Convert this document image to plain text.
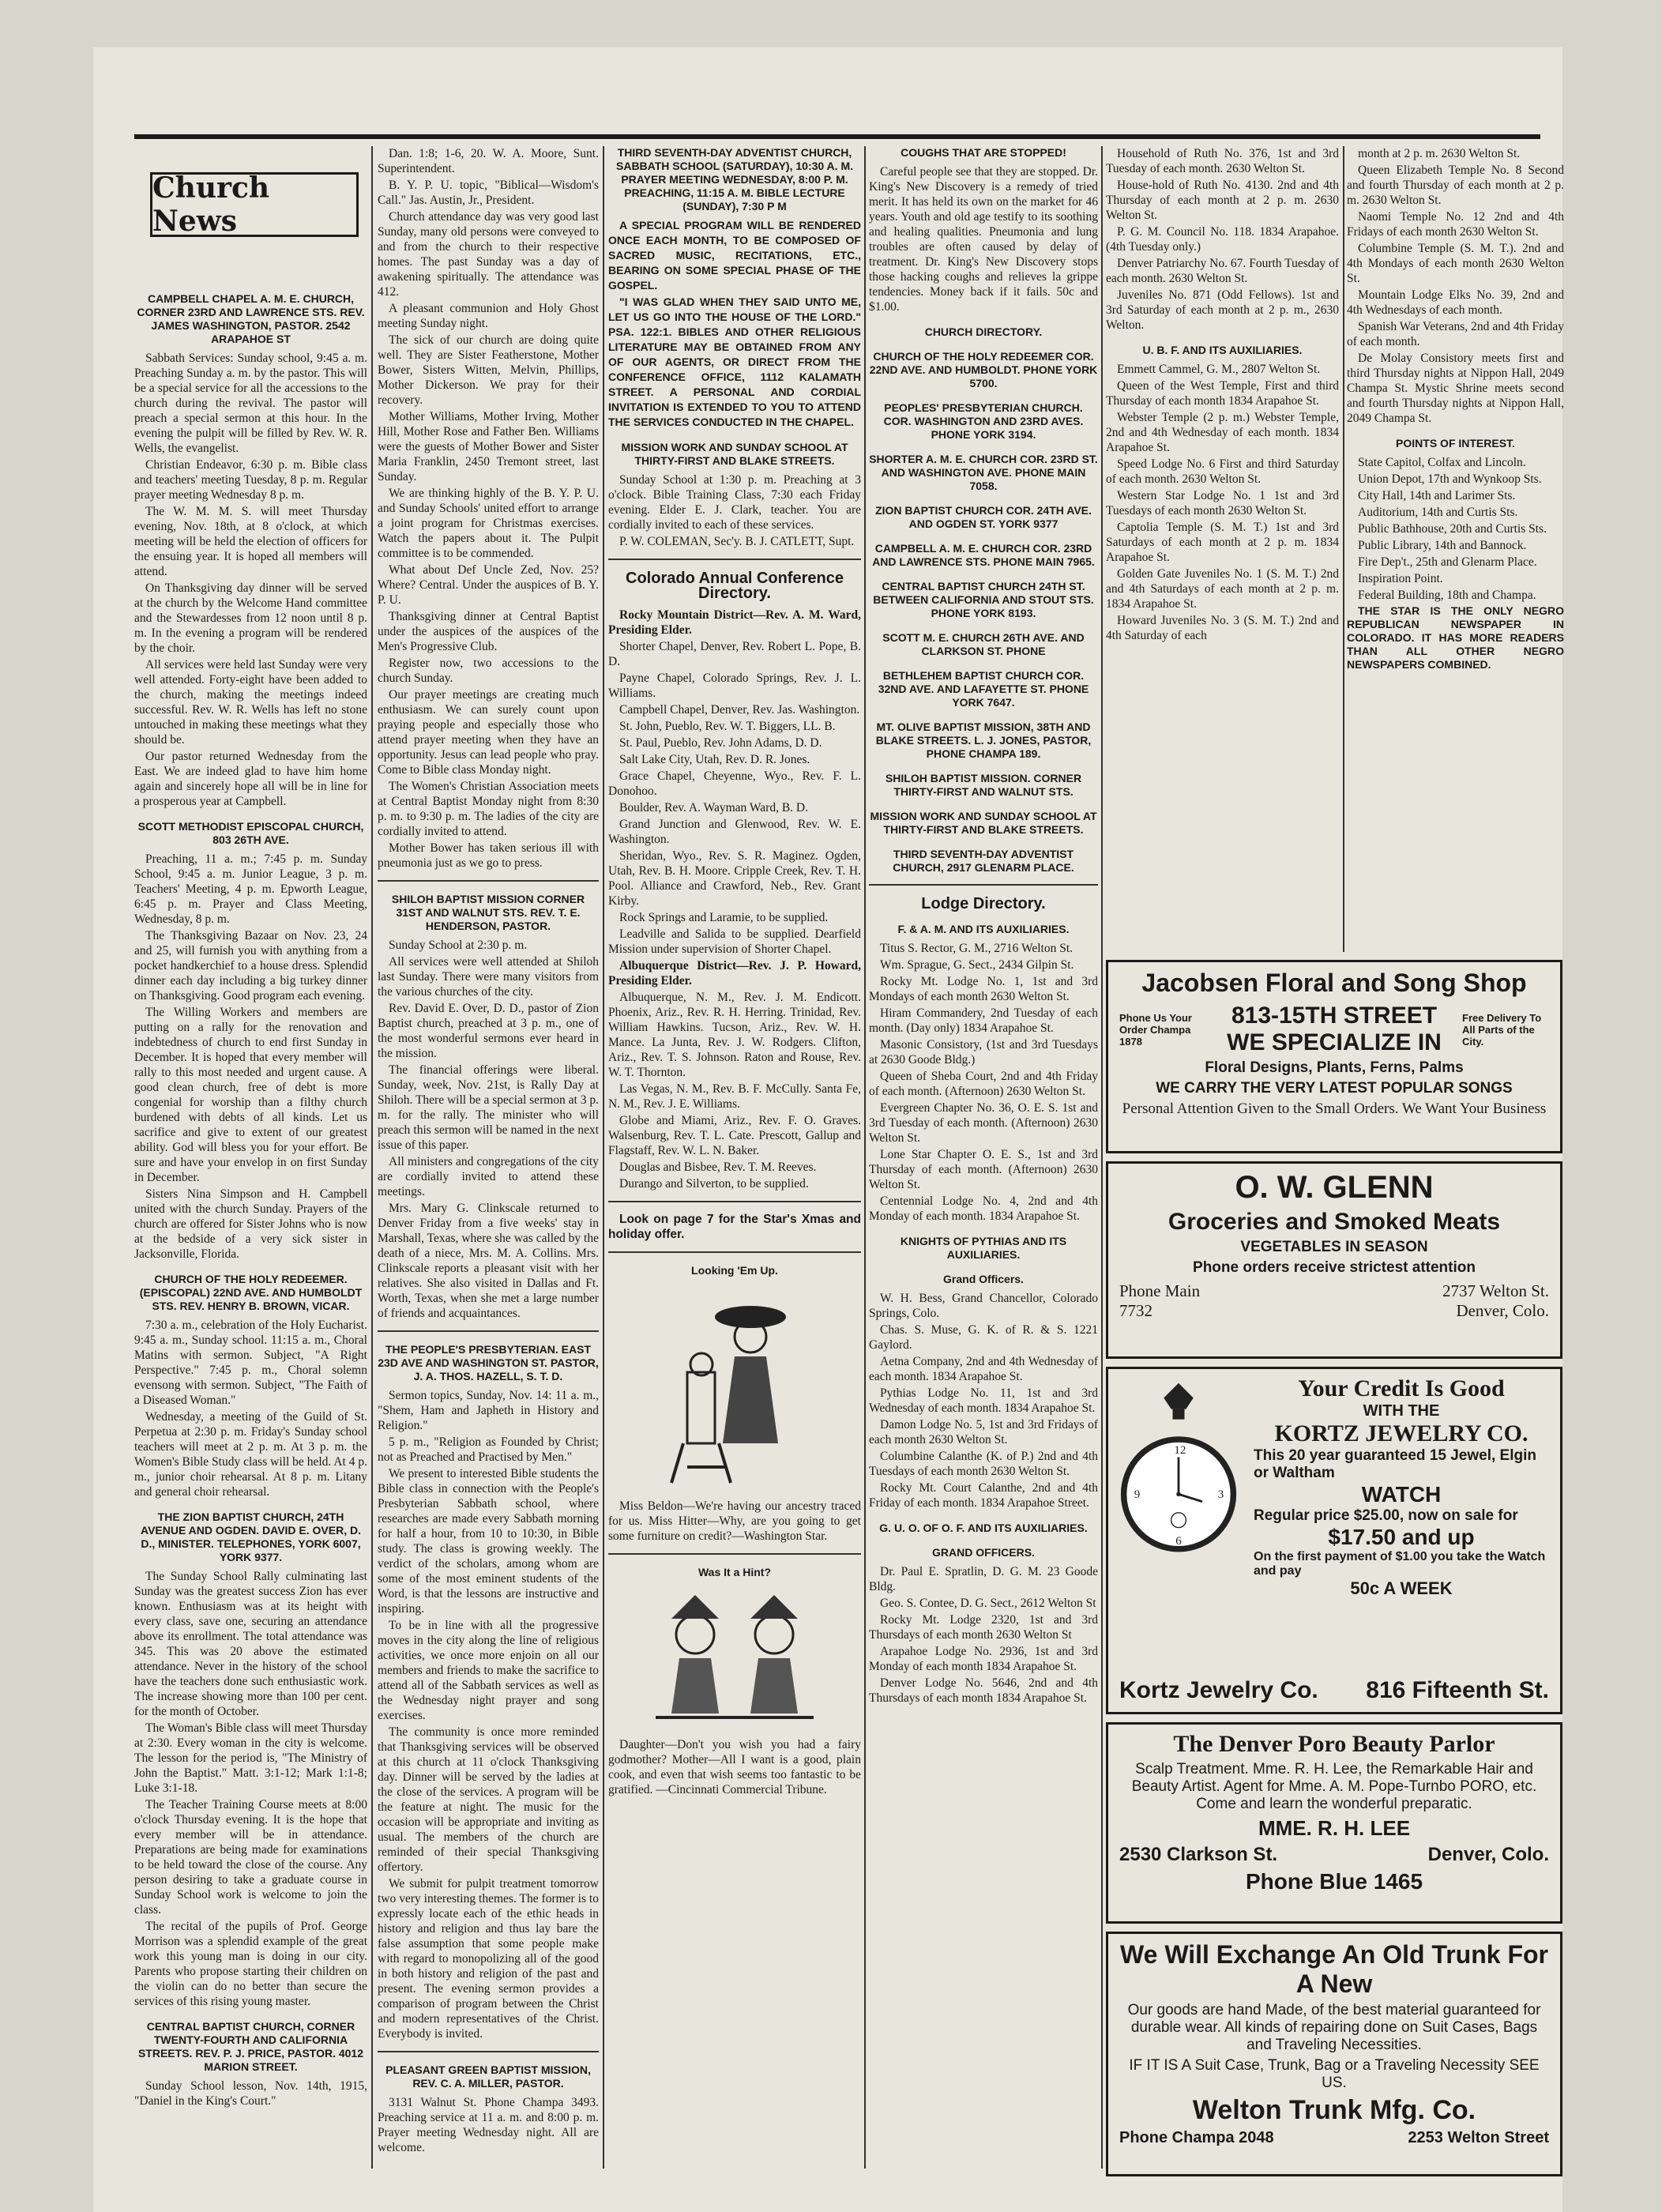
Church News
CAMPBELL CHAPEL A. M. E. CHURCH, CORNER 23RD AND LAWRENCE STS. REV. JAMES WASHINGTON, PASTOR. 2542 ARAPAHOE ST

Sabbath Services: Sunday school, 9:45 a. m. Preaching Sunday a. m. by the pastor. This will be a special service for all the accessions to the church during the revival. The pastor will preach a special sermon at this hour. In the evening the pulpit will be filled by Rev. W. R. Wells, the evangelist.

Christian Endeavor, 6:30 p. m. Bible class and teachers' meeting Tuesday, 8 p. m. Regular prayer meeting Wednesday 8 p. m.

The W. M. M. S. will meet Thursday evening, Nov. 18th, at 8 o'clock, at which meeting will be held the election of officers for the ensuing year. It is hoped all members will attend.

On Thanksgiving day dinner will be served at the church by the Welcome Hand committee and the Stewardesses from 12 noon until 8 p. m. In the evening a program will be rendered by the choir.

All services were held last Sunday were very well attended. Forty-eight have been added to the church, making the meetings indeed successful. Rev. W. R. Wells has left no stone untouched in making these meetings what they should be.

Our pastor returned Wednesday from the East. We are indeed glad to have him home again and sincerely hope all will be in line for a prosperous year at Campbell.

SCOTT METHODIST EPISCOPAL CHURCH, 803 26TH AVE.

Preaching, 11 a. m.; 7:45 p. m. Sunday School, 9:45 a. m. Junior League, 3 p. m. Teachers' Meeting, 4 p. m. Epworth League, 6:45 p. m. Prayer and Class Meeting, Wednesday, 8 p. m.

The Thanksgiving Bazaar on Nov. 23, 24 and 25, will furnish you with anything from a pocket handkerchief to a house dress. Splendid dinner each day including a big turkey dinner on Thanksgiving. Good program each evening.

The Willing Workers and members are putting on a rally for the renovation and indebtedness of church to end first Sunday in December. It is hoped that every member will rally to this most needed and urgent cause. A good clean church, free of debt is more congenial for worship than a filthy church burdened with debts of all kinds. Let us sacrifice and give to extent of our greatest ability. God will bless you for your effort. Be sure and have your envelop in on first Sunday in December.

Sisters Nina Simpson and H. Campbell united with the church Sunday. Prayers of the church are offered for Sister Johns who is now at the bedside of a very sick sister in Jacksonville, Florida.

CHURCH OF THE HOLY REDEEMER. (EPISCOPAL) 22ND AVE. AND HUMBOLDT STS. REV. HENRY B. BROWN, VICAR.

7:30 a. m., celebration of the Holy Eucharist. 9:45 a. m., Sunday school. 11:15 a. m., Choral Matins with sermon. Subject, "A Right Perspective." 7:45 p. m., Choral solemn evensong with sermon. Subject, "The Faith of a Diseased Woman."

Wednesday, a meeting of the Guild of St. Perpetua at 2:30 p. m. Friday's Sunday school teachers will meet at 2 p. m. At 3 p. m. the Women's Bible Study class will be held. At 4 p. m., junior choir rehearsal. At 8 p. m. Litany and general choir rehearsal.

THE ZION BAPTIST CHURCH, 24TH AVENUE AND OGDEN. DAVID E. OVER, D. D., MINISTER. TELEPHONES, YORK 6007, YORK 9377.

The Sunday School Rally culminating last Sunday was the greatest success Zion has ever known. Enthusiasm was at its height with every class, save one, securing an attendance above its enrollment. The total attendance was 345. This was 20 above the estimated attendance. Never in the history of the school have the teachers done such enthusiastic work. The increase showing more than 100 per cent. for the month of October.

The Woman's Bible class will meet Thursday at 2:30. Every woman in the city is welcome. The lesson for the period is, "The Ministry of John the Baptist." Matt. 3:1-12; Mark 1:1-8; Luke 3:1-18.

The Teacher Training Course meets at 8:00 o'clock Thursday evening. It is the hope that every member will be in attendance. Preparations are being made for examinations to be held toward the close of the course. Any person desiring to take a graduate course in Sunday School work is welcome to join the class.

The recital of the pupils of Prof. George Morrison was a splendid example of the great work this young man is doing in our city. Parents who propose starting their children on the violin can do no better than secure the services of this rising young master.

CENTRAL BAPTIST CHURCH, CORNER TWENTY-FOURTH AND CALIFORNIA STREETS. REV. P. J. PRICE, PASTOR. 4012 MARION STREET.

Sunday School lesson, Nov. 14th, 1915, "Daniel in the King's Court."

Dan. 1:8; 1-6, 20. W. A. Moore, Sunt. Superintendent.

B. Y. P. U. topic, "Biblical—Wisdom's Call." Jas. Austin, Jr., President.

Church attendance day was very good last Sunday, many old persons were conveyed to and from the church to their respective homes. The past Sunday was a day of awakening spiritually. The attendance was 412.

A pleasant communion and Holy Ghost meeting Sunday night.

The sick of our church are doing quite well. They are Sister Featherstone, Mother Bower, Sisters Witten, Melvin, Phillips, Mother Dickerson. We pray for their recovery.

Mother Williams, Mother Irving, Mother Hill, Mother Rose and Father Ben. Williams were the guests of Mother Bower and Sister Maria Franklin, 2450 Tremont street, last Sunday.

We are thinking highly of the B. Y. P. U. and Sunday Schools' united effort to arrange a joint program for Christmas exercises. Watch the papers about it. The Pulpit committee is to be commended.

What about Def Uncle Zed, Nov. 25? Where? Central. Under the auspices of B. Y. P. U.

Thanksgiving dinner at Central Baptist under the auspices of the auspices of the Men's Progressive Club.

Register now, two accessions to the church Sunday.

Our prayer meetings are creating much enthusiasm. We can surely count upon praying people and especially those who attend prayer meeting when they have an opportunity. Jesus can lead people who pray. Come to Bible class Monday night.

The Women's Christian Association meets at Central Baptist Monday night from 8:30 p. m. to 9:30 p. m. The ladies of the city are cordially invited to attend.

Mother Bower has taken serious ill with pneumonia just as we go to press.

SHILOH BAPTIST MISSION CORNER 31ST AND WALNUT STS. REV. T. E. HENDERSON, PASTOR.

Sunday School at 2:30 p. m.

All services were well attended at Shiloh last Sunday. There were many visitors from the various churches of the city.

Rev. David E. Over, D. D., pastor of Zion Baptist church, preached at 3 p. m., one of the most wonderful sermons ever heard in the mission.

The financial offerings were liberal. Sunday, week, Nov. 21st, is Rally Day at Shiloh. There will be a special sermon at 3 p. m. for the rally. The minister who will preach this sermon will be named in the next issue of this paper.

All ministers and congregations of the city are cordially invited to attend these meetings.

Mrs. Mary G. Clinkscale returned to Denver Friday from a five weeks' stay in Marshall, Texas, where she was called by the death of a niece, Mrs. M. A. Collins. Mrs. Clinkscale reports a pleasant visit with her relatives. She also visited in Dallas and Ft. Worth, Texas, when she met a large number of friends and acquaintances.

THE PEOPLE'S PRESBYTERIAN. EAST 23D AVE AND WASHINGTON ST. PASTOR, J. A. THOS. HAZELL, S. T. D.

Sermon topics, Sunday, Nov. 14: 11 a. m., "Shem, Ham and Japheth in History and Religion."

5 p. m., "Religion as Founded by Christ; not as Preached and Practised by Men."

We present to interested Bible students the Bible class in connection with the People's Presbyterian Sabbath school, where researches are made every Sabbath morning for half a hour, from 10 to 10:30, in Bible study. The class is growing weekly. The verdict of the scholars, among whom are some of the most eminent students of the Word, is that the lessons are instructive and inspiring.

To be in line with all the progressive moves in the city along the line of religious activities, we once more enjoin on all our members and friends to make the sacrifice to attend all of the Sabbath services as well as the Wednesday night prayer and song exercises.

The community is once more reminded that Thanksgiving services will be observed at this church at 11 o'clock Thanksgiving day. Dinner will be served by the ladies at the close of the services. A program will be the feature at night. The music for the occasion will be appropriate and inviting as usual. The members of the church are reminded of their special Thanksgiving offertory.

We submit for pulpit treatment tomorrow two very interesting themes. The former is to expressly locate each of the ethic heads in history and religion and thus lay bare the false assumption that some people make with regard to monopolizing all of the good in both history and religion of the past and present. The evening sermon provides a comparison of program between the Christ and modern representatives of the Christ. Everybody is invited.

PLEASANT GREEN BAPTIST MISSION, REV. C. A. MILLER, PASTOR.

3131 Walnut St. Phone Champa 3493. Preaching service at 11 a. m. and 8:00 p. m. Prayer meeting Wednesday night. All are welcome.

THIRD SEVENTH-DAY ADVENTIST CHURCH, SABBATH SCHOOL (SATURDAY), 10:30 A. M. PRAYER MEETING WEDNESDAY, 8:00 P. M. PREACHING, 11:15 A. M. BIBLE LECTURE (SUNDAY), 7:30 P M

A SPECIAL PROGRAM WILL BE RENDERED ONCE EACH MONTH, TO BE COMPOSED OF SACRED MUSIC, RECITATIONS, ETC., BEARING ON SOME SPECIAL PHASE OF THE GOSPEL.

"I WAS GLAD WHEN THEY SAID UNTO ME, LET US GO INTO THE HOUSE OF THE LORD." PSA. 122:1. BIBLES AND OTHER RELIGIOUS LITERATURE MAY BE OBTAINED FROM ANY OF OUR AGENTS, OR DIRECT FROM THE CONFERENCE OFFICE, 1112 KALAMATH STREET. A PERSONAL AND CORDIAL INVITATION IS EXTENDED TO YOU TO ATTEND THE SERVICES CONDUCTED IN THE CHAPEL.

MISSION WORK AND SUNDAY SCHOOL AT THIRTY-FIRST AND BLAKE STREETS.

Sunday School at 1:30 p. m. Preaching at 3 o'clock. Bible Training Class, 7:30 each Friday evening. Elder E. J. Clark, teacher. You are cordially invited to each of these services.

P. W. COLEMAN, Sec'y. B. J. CATLETT, Supt.

Colorado Annual Conference Directory.

Rocky Mountain District—Rev. A. M. Ward, Presiding Elder.

Shorter Chapel, Denver, Rev. Robert L. Pope, B. D.

Payne Chapel, Colorado Springs, Rev. J. L. Williams.

Campbell Chapel, Denver, Rev. Jas. Washington.

St. John, Pueblo, Rev. W. T. Biggers, LL. B.

St. Paul, Pueblo, Rev. John Adams, D. D.

Salt Lake City, Utah, Rev. D. R. Jones.

Grace Chapel, Cheyenne, Wyo., Rev. F. L. Donohoo.

Boulder, Rev. A. Wayman Ward, B. D.

Grand Junction and Glenwood, Rev. W. E. Washington.

Sheridan, Wyo., Rev. S. R. Maginez. Ogden, Utah, Rev. B. H. Moore. Cripple Creek, Rev. T. H. Pool. Alliance and Crawford, Neb., Rev. Grant Kirby.

Rock Springs and Laramie, to be supplied.

Leadville and Salida to be supplied. Dearfield Mission under supervision of Shorter Chapel.

Albuquerque District—Rev. J. P. Howard, Presiding Elder.

Albuquerque, N. M., Rev. J. M. Endicott. Phoenix, Ariz., Rev. R. H. Herring. Trinidad, Rev. William Hawkins. Tucson, Ariz., Rev. W. H. Mance. La Junta, Rev. J. W. Rodgers. Clifton, Ariz., Rev. T. S. Johnson. Raton and Rouse, Rev. W. T. Thornton.

Las Vegas, N. M., Rev. B. F. McCully. Santa Fe, N. M., Rev. J. E. Williams.

Globe and Miami, Ariz., Rev. F. O. Graves. Walsenburg, Rev. T. L. Cate. Prescott, Gallup and Flagstaff, Rev. W. L. N. Baker.

Douglas and Bisbee, Rev. T. M. Reeves.

Durango and Silverton, to be supplied.

Look on page 7 for the Star's Xmas and holiday offer.

Looking 'Em Up.

Miss Beldon—We're having our ancestry traced for us. Miss Hitter—Why, are you going to get some furniture on credit?—Washington Star.

Was It a Hint?

Daughter—Don't you wish you had a fairy godmother? Mother—All I want is a good, plain cook, and even that wish seems too fantastic to be gratified. —Cincinnati Commercial Tribune.

COUGHS THAT ARE STOPPED!

Careful people see that they are stopped. Dr. King's New Discovery is a remedy of tried merit. It has held its own on the market for 46 years. Youth and old age testify to its soothing and healing qualities. Pneumonia and lung troubles are often caused by delay of treatment. Dr. King's New Discovery stops those hacking coughs and relieves la grippe tendencies. Money back if it fails. 50c and $1.00.

CHURCH DIRECTORY.
CHURCH OF THE HOLY REDEEMER COR. 22ND AVE. AND HUMBOLDT. PHONE YORK 5700.
PEOPLES' PRESBYTERIAN CHURCH. COR. WASHINGTON AND 23RD AVES. PHONE YORK 3194.
SHORTER A. M. E. CHURCH COR. 23RD ST. AND WASHINGTON AVE. PHONE MAIN 7058.
ZION BAPTIST CHURCH COR. 24TH AVE. AND OGDEN ST. YORK 9377
CAMPBELL A. M. E. CHURCH COR. 23RD AND LAWRENCE STS. PHONE MAIN 7965.
CENTRAL BAPTIST CHURCH 24TH ST. BETWEEN CALIFORNIA AND STOUT STS. PHONE YORK 8193.
SCOTT M. E. CHURCH 26TH AVE. AND CLARKSON ST. PHONE
BETHLEHEM BAPTIST CHURCH COR. 32ND AVE. AND LAFAYETTE ST. PHONE YORK 7647.
MT. OLIVE BAPTIST MISSION, 38TH AND BLAKE STREETS. L. J. JONES, PASTOR, PHONE CHAMPA 189.
SHILOH BAPTIST MISSION. CORNER THIRTY-FIRST AND WALNUT STS.
MISSION WORK AND SUNDAY SCHOOL AT THIRTY-FIRST AND BLAKE STREETS.
THIRD SEVENTH-DAY ADVENTIST CHURCH, 2917 GLENARM PLACE.
Lodge Directory.
F. & A. M. AND ITS AUXILIARIES.

Titus S. Rector, G. M., 2716 Welton St.

Wm. Sprague, G. Sect., 2434 Gilpin St.

Rocky Mt. Lodge No. 1, 1st and 3rd Mondays of each month 2630 Welton St.

Hiram Commandery, 2nd Tuesday of each month. (Day only) 1834 Arapahoe St.

Masonic Consistory, (1st and 3rd Tuesdays at 2630 Goode Bldg.)

Queen of Sheba Court, 2nd and 4th Friday of each month. (Afternoon) 2630 Welton St.

Evergreen Chapter No. 36, O. E. S. 1st and 3rd Tuesday of each month. (Afternoon) 2630 Welton St.

Lone Star Chapter O. E. S., 1st and 3rd Thursday of each month. (Afternoon) 2630 Welton St.

Centennial Lodge No. 4, 2nd and 4th Monday of each month. 1834 Arapahoe St.

KNIGHTS OF PYTHIAS AND ITS AUXILIARIES.
Grand Officers.

W. H. Bess, Grand Chancellor, Colorado Springs, Colo.

Chas. S. Muse, G. K. of R. & S. 1221 Gaylord.

Aetna Company, 2nd and 4th Wednesday of each month. 1834 Arapahoe St.

Pythias Lodge No. 11, 1st and 3rd Wednesday of each month. 1834 Arapahoe St.

Damon Lodge No. 5, 1st and 3rd Fridays of each month 2630 Welton St.

Columbine Calanthe (K. of P.) 2nd and 4th Tuesdays of each month 2630 Welton St.

Rocky Mt. Court Calanthe, 2nd and 4th Friday of each month. 1834 Arapahoe Street.

G. U. O. OF O. F. AND ITS AUXILIARIES.
GRAND OFFICERS.

Dr. Paul E. Spratlin, D. G. M. 23 Goode Bldg.

Geo. S. Contee, D. G. Sect., 2612 Welton St

Rocky Mt. Lodge 2320, 1st and 3rd Thursdays of each month 2630 Welton St

Arapahoe Lodge No. 2936, 1st and 3rd Monday of each month 1834 Arapahoe St.

Denver Lodge No. 5646, 2nd and 4th Thursdays of each month 1834 Arapahoe St.

Household of Ruth No. 376, 1st and 3rd Tuesday of each month. 2630 Welton St.

House-hold of Ruth No. 4130. 2nd and 4th Thursday of each month at 2 p. m. 2630 Welton St.

P. G. M. Council No. 118. 1834 Arapahoe. (4th Tuesday only.)

Denver Patriarchy No. 67. Fourth Tuesday of each month. 2630 Welton St.

Juveniles No. 871 (Odd Fellows). 1st and 3rd Saturday of each month at 2 p. m., 2630 Welton.

U. B. F. AND ITS AUXILIARIES.

Emmett Cammel, G. M., 2807 Welton St.

Queen of the West Temple, First and third Thursday of each month 1834 Arapahoe St.

Webster Temple (2 p. m.) Webster Temple, 2nd and 4th Wednesday of each month. 1834 Arapahoe St.

Speed Lodge No. 6 First and third Saturday of each month. 2630 Welton St.

Western Star Lodge No. 1 1st and 3rd Tuesdays of each month 2630 Welton St.

Captolia Temple (S. M. T.) 1st and 3rd Saturdays of each month at 2 p. m. 1834 Arapahoe St.

Golden Gate Juveniles No. 1 (S. M. T.) 2nd and 4th Saturdays of each month at 2 p. m. 1834 Arapahoe St.

Howard Juveniles No. 3 (S. M. T.) 2nd and 4th Saturday of each

month at 2 p. m. 2630 Welton St.

Queen Elizabeth Temple No. 8 Second and fourth Thursday of each month at 2 p. m. 2630 Welton St.

Naomi Temple No. 12 2nd and 4th Fridays of each month 2630 Welton St.

Columbine Temple (S. M. T.). 2nd and 4th Mondays of each month 2630 Welton St.

Mountain Lodge Elks No. 39, 2nd and 4th Wednesdays of each month.

Spanish War Veterans, 2nd and 4th Friday of each month.

De Molay Consistory meets first and third Thursday nights at Nippon Hall, 2049 Champa St. Mystic Shrine meets second and fourth Thursday nights at Nippon Hall, 2049 Champa St.

POINTS OF INTEREST.

State Capitol, Colfax and Lincoln.

Union Depot, 17th and Wynkoop Sts.

City Hall, 14th and Larimer Sts.

Auditorium, 14th and Curtis Sts.

Public Bathhouse, 20th and Curtis Sts.

Public Library, 14th and Bannock.

Fire Dep't., 25th and Glenarm Place.

Inspiration Point.

Federal Building, 18th and Champa.

THE STAR IS THE ONLY NEGRO REPUBLICAN NEWSPAPER IN COLORADO. IT HAS MORE READERS THAN ALL OTHER NEGRO NEWSPAPERS COMBINED.

Jacobsen Floral and Song Shop
Phone Us Your Order Champa 1878
813-15TH STREET
WE SPECIALIZE IN
Free Delivery To All Parts of the City.
Floral Designs, Plants, Ferns, Palms
WE CARRY THE VERY LATEST POPULAR SONGS
Personal Attention Given to the Small Orders. We Want Your Business
O. W. GLENN
Groceries and Smoked Meats
VEGETABLES IN SEASON
Phone orders receive strictest attention
Phone Main
7732
2737 Welton St.
Denver, Colo.
12
3
6
9
Your Credit Is Good
WITH THE
KORTZ JEWELRY CO.
This 20 year guaranteed 15 Jewel, Elgin or Waltham
WATCH
Regular price $25.00, now on sale for
$17.50 and up
On the first payment of $1.00 you take the Watch and pay
50c A WEEK
Kortz Jewelry Co. 816 Fifteenth St.
The Denver Poro Beauty Parlor
Scalp Treatment. Mme. R. H. Lee, the Remarkable Hair and Beauty Artist. Agent for Mme. A. M. Pope-Turnbo PORO, etc. Come and learn the wonderful preparatic.
MME. R. H. LEE
2530 Clarkson St.	Denver, Colo.
Phone Blue 1465
We Will Exchange An Old Trunk For A New
Our goods are hand Made, of the best material guaranteed for durable wear. All kinds of repairing done on Suit Cases, Bags and Traveling Necessities.
IF IT IS A Suit Case, Trunk, Bag or a Traveling Necessity SEE US.
Welton Trunk Mfg. Co.
Phone Champa 2048	2253 Welton Street
